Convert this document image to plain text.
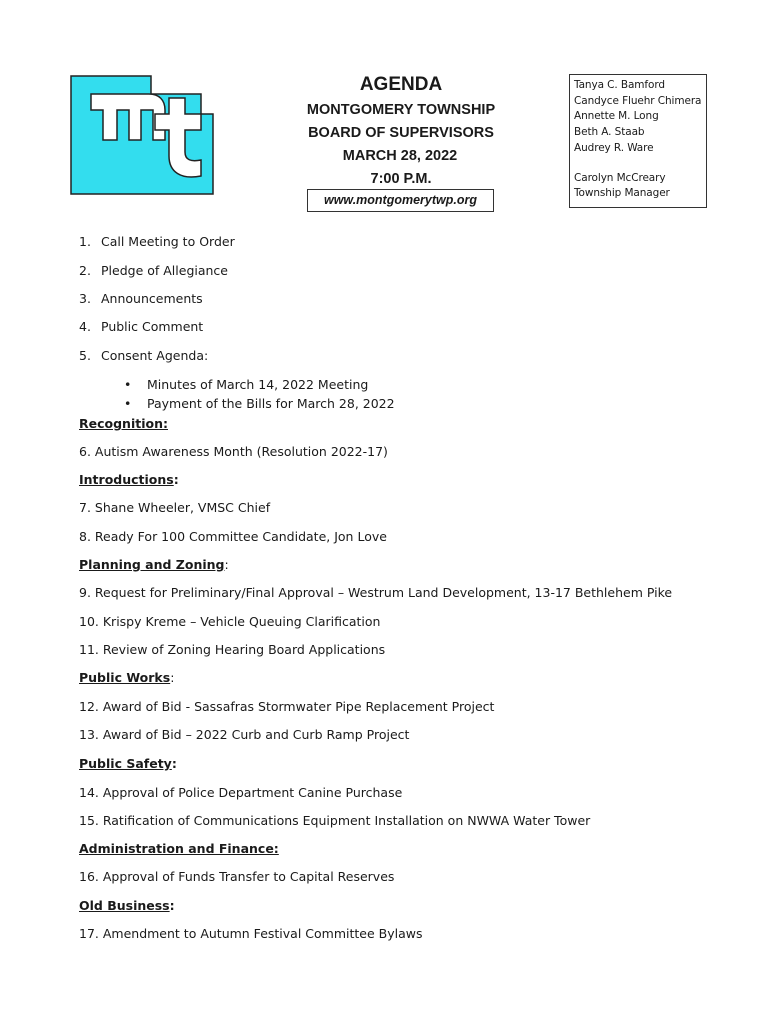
AGENDA
MONTGOMERY TOWNSHIP
BOARD OF SUPERVISORS
MARCH 28, 2022
7:00 P.M.
www.montgomerytwp.org
Tanya C. Bamford
Candyce Fluehr Chimera
Annette M. Long
Beth A. Staab
Audrey R. Ware
Carolyn McCreary
Township Manager
1. Call Meeting to Order
2. Pledge of Allegiance
3. Announcements
4. Public Comment
5. Consent Agenda:
• Minutes of March 14, 2022 Meeting
• Payment of the Bills for March 28, 2022
Recognition:
6. Autism Awareness Month (Resolution 2022-17)
Introductions:
7. Shane Wheeler, VMSC Chief
8. Ready For 100 Committee Candidate, Jon Love
Planning and Zoning:
9. Request for Preliminary/Final Approval – Westrum Land Development, 13-17 Bethlehem Pike
10. Krispy Kreme – Vehicle Queuing Clarification
11. Review of Zoning Hearing Board Applications
Public Works:
12. Award of Bid - Sassafras Stormwater Pipe Replacement Project
13. Award of Bid – 2022 Curb and Curb Ramp Project
Public Safety:
14. Approval of Police Department Canine Purchase
15. Ratification of Communications Equipment Installation on NWWA Water Tower
Administration and Finance:
16. Approval of Funds Transfer to Capital Reserves
Old Business:
17. Amendment to Autumn Festival Committee Bylaws
